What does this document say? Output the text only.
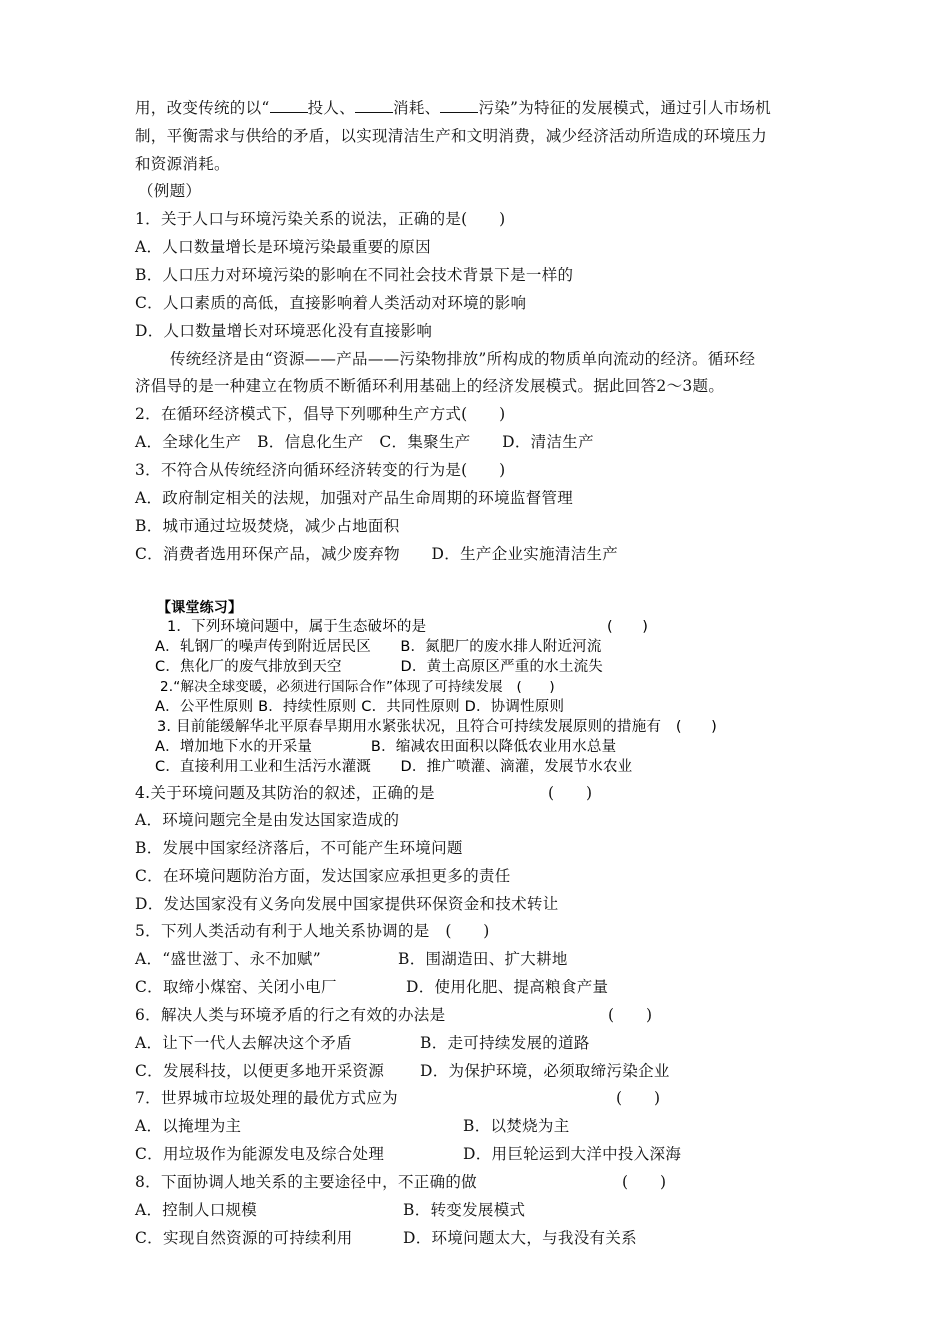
用，改变传统的以“ 投人、 消耗、 污染”为特征的发展模式，通过引人市场机
制，平衡需求与供给的矛盾，以实现清洁生产和文明消费，减少经济活动所造成的环境压力
和资源消耗。
（例题）
1．关于人口与环境污染关系的说法，正确的是(　　)
A．人口数量增长是环境污染最重要的原因
B．人口压力对环境污染的影响在不同社会技术背景下是一样的
C．人口素质的高低，直接影响着人类活动对环境的影响
D．人口数量增长对环境恶化没有直接影响
传统经济是由“资源——产品——污染物排放”所构成的物质单向流动的经济。循环经
济倡导的是一种建立在物质不断循环利用基础上的经济发展模式。据此回答2～3题。
2．在循环经济模式下，倡导下列哪种生产方式(　　)
A．全球化生产　B．信息化生产　C．集聚生产　　D．清洁生产
3．不符合从传统经济向循环经济转变的行为是(　　)
A．政府制定相关的法规，加强对产品生命周期的环境监督管理
B．城市通过垃圾焚烧，减少占地面积
C．消费者选用环保产品，减少废弃物　　D．生产企业实施清洁生产
【课堂练习】
1．下列环境问题中，属于生态破坏的是	(　　)
A．轧钢厂的噪声传到附近居民区　　B．氮肥厂的废水排人附近河流
C．焦化厂的废气排放到天空　　　　D．黄土高原区严重的水土流失
2.“解决全球变暖，必须进行国际合作”体现了可持续发展　(　　)
A．公平性原则 B．持续性原则 C．共同性原则 D．协调性原则
3. 目前能缓解华北平原春旱期用水紧张状况，且符合可持续发展原则的措施有　(　　)
A．增加地下水的开采量　　　　B．缩减农田面积以降低农业用水总量
C．直接利用工业和生活污水灌溉　　D．推广喷灌、滴灌，发展节水农业
4.关于环境问题及其防治的叙述，正确的是	(　　)
A．环境问题完全是由发达国家造成的
B．发展中国家经济落后，不可能产生环境问题
C．在环境问题防治方面，发达国家应承担更多的责任
D．发达国家没有义务向发展中国家提供环保资金和技术转让
5．下列人类活动有利于人地关系协调的是　(　　)
A．“盛世滋丁、永不加赋”	B．围湖造田、扩大耕地
C．取缔小煤窑、关闭小电厂	D．使用化肥、提高粮食产量
6．解决人类与环境矛盾的行之有效的办法是	(　　)
A．让下一代人去解决这个矛盾	B．走可持续发展的道路
C．发展科技，以便更多地开采资源 D．为保护环境，必须取缔污染企业
7．世界城市垃圾处理的最优方式应为	(　　)
A．以掩埋为主	B．以焚烧为主
C．用垃圾作为能源发电及综合处理	D．用巨轮运到大洋中投入深海
8．下面协调人地关系的主要途径中，不正确的做	(　　)
A．控制人口规模	B．转变发展模式
C．实现自然资源的可持续利用	D．环境问题太大，与我没有关系
